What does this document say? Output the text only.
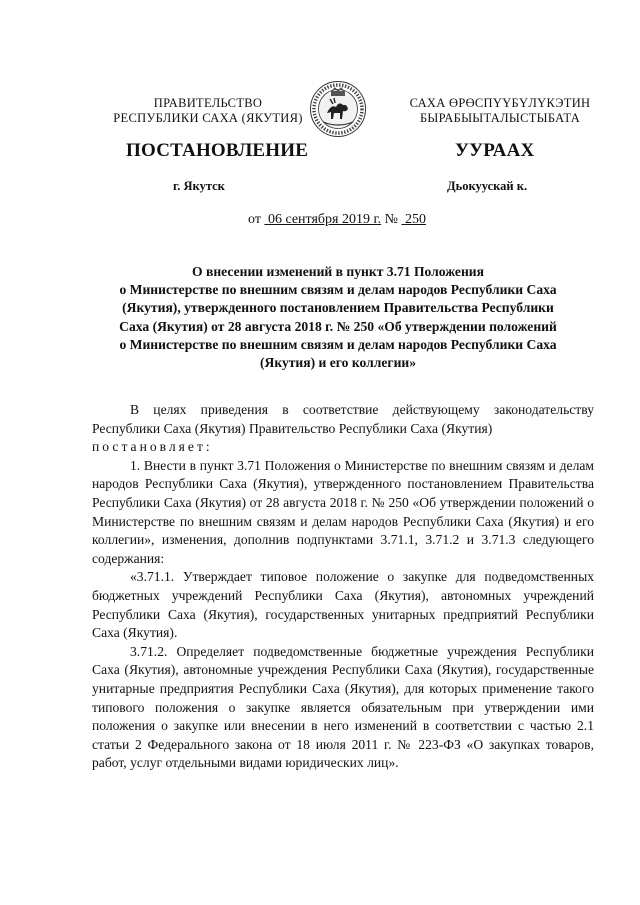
ПРАВИТЕЛЬСТВО
РЕСПУБЛИКИ САХА (ЯКУТИЯ)
САХА ӨРӨСПҮҮБҮЛҮКЭТИН
БЫРАБЫЫТАЛЫСТЫБАТА
ПОСТАНОВЛЕНИЕ	УУРААХ
г. Якутск	Дьокуускай к.
от 06 сентября 2019 г. № 250
О внесении изменений в пункт 3.71 Положения
о Министерстве по внешним связям и делам народов Республики Саха
(Якутия), утвержденного постановлением Правительства Республики
Саха (Якутия) от 28 августа 2018 г. № 250 «Об утверждении положений
о Министерстве по внешним связям и делам народов Республики Саха
(Якутия) и его коллегии»

В целях приведения в соответствие действующему законодательству Республики Саха (Якутия) Правительство Республики Саха (Якутия)
постановляет:

1. Внести в пункт 3.71 Положения о Министерстве по внешним связям и делам народов Республики Саха (Якутия), утвержденного постановлением Правительства Республики Саха (Якутия) от 28 августа 2018 г. № 250 «Об утверждении положений о Министерстве по внешним связям и делам народов Республики Саха (Якутия) и его коллегии», изменения, дополнив подпунктами 3.71.1, 3.71.2 и 3.71.3 следующего содержания:

«3.71.1. Утверждает типовое положение о закупке для подведомственных бюджетных учреждений Республики Саха (Якутия), автономных учреждений Республики Саха (Якутия), государственных унитарных предприятий Республики Саха (Якутия).

3.71.2. Определяет подведомственные бюджетные учреждения Республики Саха (Якутия), автономные учреждения Республики Саха (Якутия), государственные унитарные предприятия Республики Саха (Якутия), для которых применение такого типового положения о закупке является обязательным при утверждении ими положения о закупке или внесении в него изменений в соответствии с частью 2.1 статьи 2 Федерального закона от 18 июля 2011 г. № 223-ФЗ «О закупках товаров, работ, услуг отдельными видами юридических лиц».
